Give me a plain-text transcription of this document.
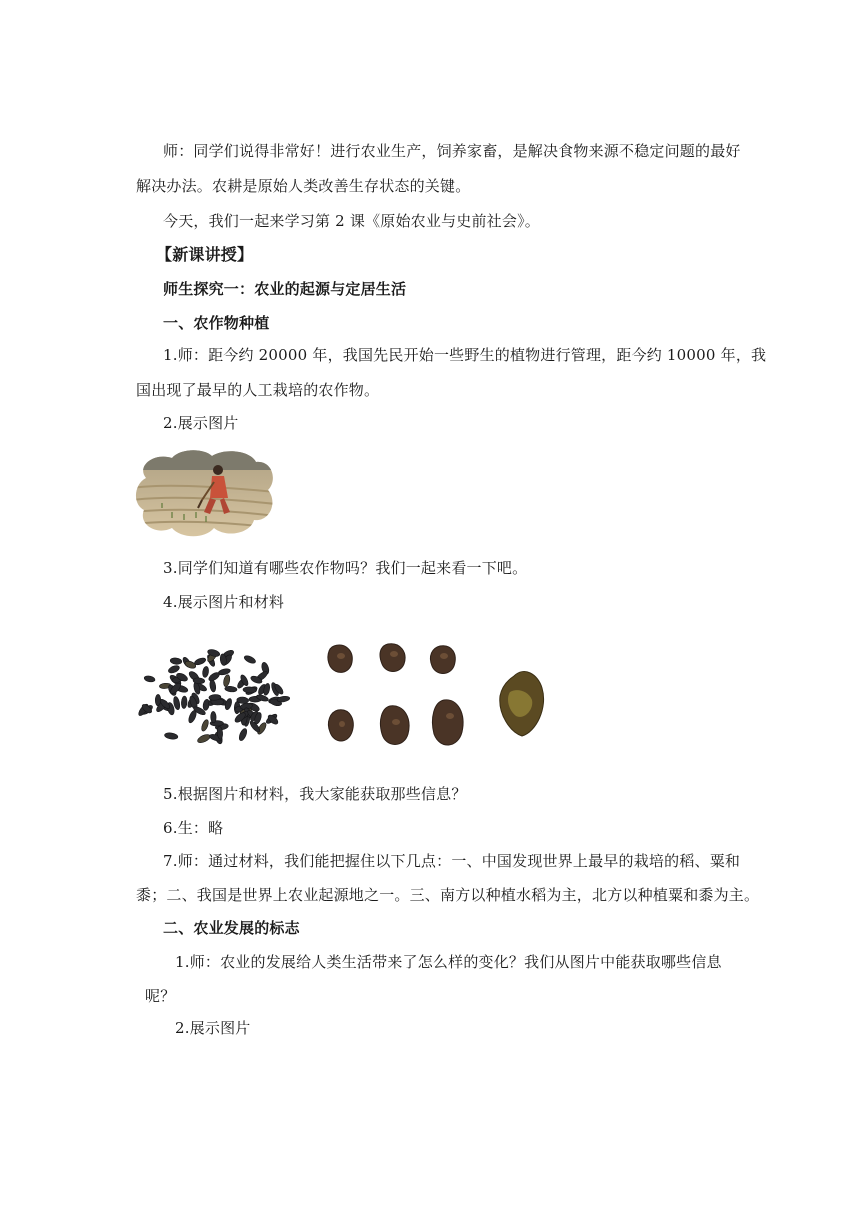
师：同学们说得非常好！进行农业生产，饲养家畜，是解决食物来源不稳定问题的最好
解决办法。农耕是原始人类改善生存状态的关键。
今天，我们一起来学习第 2 课《原始农业与史前社会》。
【新课讲授】
师生探究一：农业的起源与定居生活
一、农作物种植
1.师：距今约 20000 年，我国先民开始一些野生的植物进行管理，距今约 10000 年，我
国出现了最早的人工栽培的农作物。
2.展示图片
3.同学们知道有哪些农作物吗？我们一起来看一下吧。
4.展示图片和材料
5.根据图片和材料，我大家能获取那些信息？
6.生：略
7.师：通过材料，我们能把握住以下几点：一、中国发现世界上最早的栽培的稻、粟和
黍；二、我国是世界上农业起源地之一。三、南方以种植水稻为主，北方以种植粟和黍为主。
二、农业发展的标志
1.师：农业的发展给人类生活带来了怎么样的变化？我们从图片中能获取哪些信息
呢？
2.展示图片
